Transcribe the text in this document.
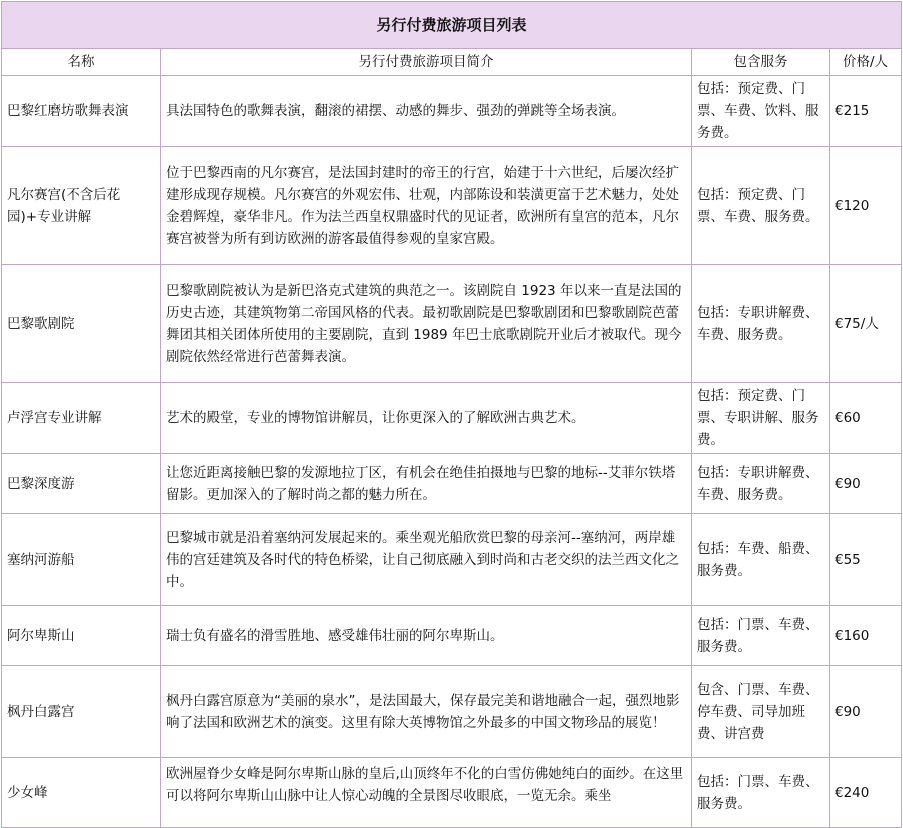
另行付费旅游项目列表			
名称	另行付费旅游项目简介	包含服务	价格/人
巴黎红磨坊歌舞表演	具法国特色的歌舞表演，翻滚的裙摆、动感的舞步、强劲的弹跳等全场表演。	包括：预定费、门票、车费、饮料、服务费。	€215
凡尔赛宫(不含后花园)+专业讲解	位于巴黎西南的凡尔赛宫，是法国封建时的帝王的行宫，始建于十六世纪，后屡次经扩建形成现存规模。凡尔赛宫的外观宏伟、壮观，内部陈设和装潢更富于艺术魅力，处处金碧辉煌，豪华非凡。作为法兰西皇权鼎盛时代的见证者，欧洲所有皇宫的范本，凡尔赛宫被誉为所有到访欧洲的游客最值得参观的皇家宫殿。	包括：预定费、门票、车费、服务费。	€120
巴黎歌剧院	巴黎歌剧院被认为是新巴洛克式建筑的典范之一。该剧院自 1923 年以来一直是法国的历史古迹，其建筑物第二帝国风格的代表。最初歌剧院是巴黎歌剧团和巴黎歌剧院芭蕾舞团其相关团体所使用的主要剧院，直到 1989 年巴士底歌剧院开业后才被取代。现今剧院依然经常进行芭蕾舞表演。	包括：专职讲解费、车费、服务费。	€75/人
卢浮宫专业讲解	艺术的殿堂，专业的博物馆讲解员，让你更深入的了解欧洲古典艺术。	包括：预定费、门票、专职讲解、服务费。	€60
巴黎深度游	让您近距离接触巴黎的发源地拉丁区，有机会在绝佳拍摄地与巴黎的地标--艾菲尔铁塔留影。更加深入的了解时尚之都的魅力所在。	包括：专职讲解费、车费、服务费。	€90
塞纳河游船	巴黎城市就是沿着塞纳河发展起来的。乘坐观光船欣赏巴黎的母亲河--塞纳河，两岸雄伟的宫廷建筑及各时代的特色桥梁，让自己彻底融入到时尚和古老交织的法兰西文化之中。	包括：车费、船费、服务费。	€55
阿尔卑斯山	瑞士负有盛名的滑雪胜地、感受雄伟壮丽的阿尔卑斯山。	包括：门票、车费、服务费。	€160
枫丹白露宫	枫丹白露宫原意为“美丽的泉水”，是法国最大，保存最完美和谐地融合一起，强烈地影响了法国和欧洲艺术的演变。这里有除大英博物馆之外最多的中国文物珍品的展览！	包含、门票、车费、停车费、司导加班费、讲宫费	€90
少女峰	欧洲屋脊少女峰是阿尔卑斯山脉的皇后,山顶终年不化的白雪仿佛她纯白的面纱。在这里可以将阿尔卑斯山山脉中让人惊心动魄的全景图尽收眼底，一览无余。乘坐	包括：门票、车费、服务费。	€240
